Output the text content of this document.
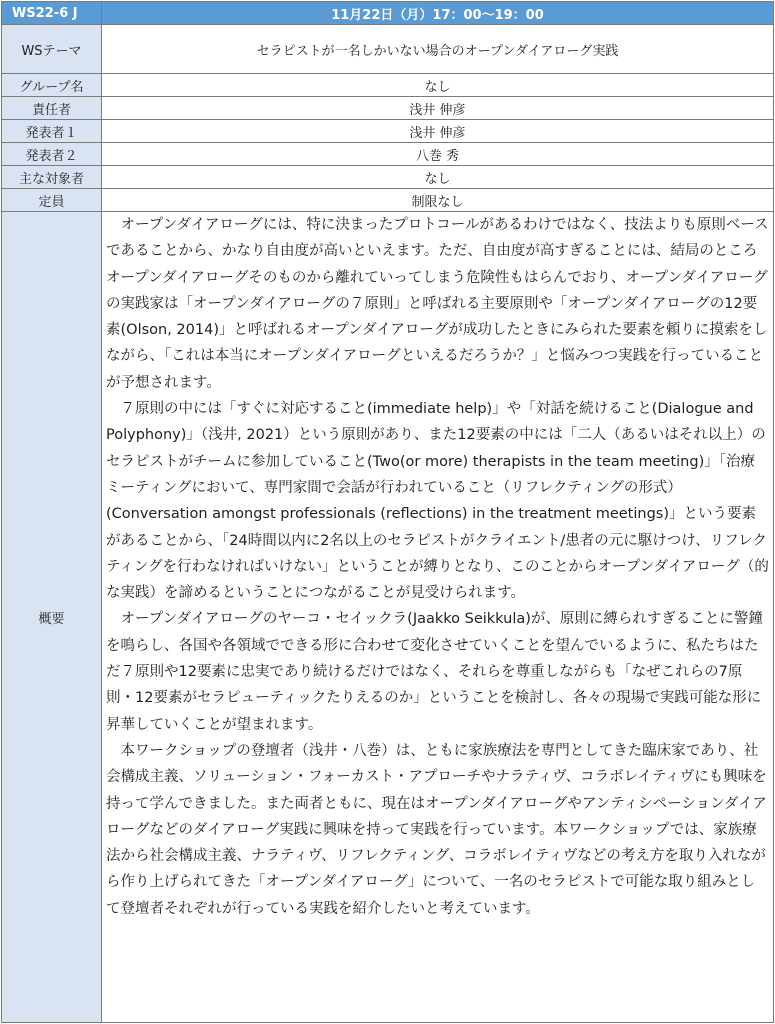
WS22-6 J	11月22日（月）17：00～19：00
WSテーマ	セラピストが一名しかいない場合のオープンダイアローグ実践
グループ名	なし
責任者	浅井 伸彦
発表者１	浅井 伸彦
発表者２	八巻 秀
主な対象者	なし
定員	制限なし
概要	オープンダイアローグには、特に決まったプロトコールがあるわけではなく、技法よりも原則ベースであることから、かなり自由度が高いといえます。ただ、自由度が高すぎることには、結局のところオープンダイアローグそのものから離れていってしまう危険性もはらんでおり、オープンダイアローグの実践家は「オープンダイアローグの７原則」と呼ばれる主要原則や「オープンダイアローグの12要素(Olson, 2014)」と呼ばれるオープンダイアローグが成功したときにみられた要素を頼りに摸索をしながら、「これは本当にオープンダイアローグといえるだろうか？」と悩みつつ実践を行っていることが予想されます。

７原則の中には「すぐに対応すること(immediate help)」や「対話を続けること(Dialogue and Polyphony)」（浅井, 2021）という原則があり、また12要素の中には「二人（あるいはそれ以上）のセラピストがチームに参加していること(Two(or more) therapists in the team meeting)」「治療ミーティングにおいて、専門家間で会話が行われていること（リフレクティングの形式）(Conversation amongst professionals (reflections) in the treatment meetings)」という要素があることから、「24時間以内に2名以上のセラピストがクライエント/患者の元に駆けつけ、リフレクティングを行わなければいけない」ということが縛りとなり、このことからオープンダイアローグ（的な実践）を諦めるということにつながることが見受けられます。

オープンダイアローグのヤーコ・セイックラ(Jaakko Seikkula)が、原則に縛られすぎることに警鐘を鳴らし、各国や各領域でできる形に合わせて変化させていくことを望んでいるように、私たちはただ７原則や12要素に忠実であり続けるだけではなく、それらを尊重しながらも「なぜこれらの7原則・12要素がセラピューティックたりえるのか」ということを検討し、各々の現場で実践可能な形に昇華していくことが望まれます。

本ワークショップの登壇者（浅井・八巻）は、ともに家族療法を専門としてきた臨床家であり、社会構成主義、ソリューション・フォーカスト・アプローチやナラティヴ、コラボレイティヴにも興味を持って学んできました。また両者ともに、現在はオープンダイアローグやアンティシペーションダイアローグなどのダイアローグ実践に興味を持って実践を行っています。本ワークショップでは、家族療法から社会構成主義、ナラティヴ、リフレクティング、コラボレイティヴなどの考え方を取り入れながら作り上げられてきた「オープンダイアローグ」について、一名のセラピストで可能な取り組みとして登壇者それぞれが行っている実践を紹介したいと考えています。
